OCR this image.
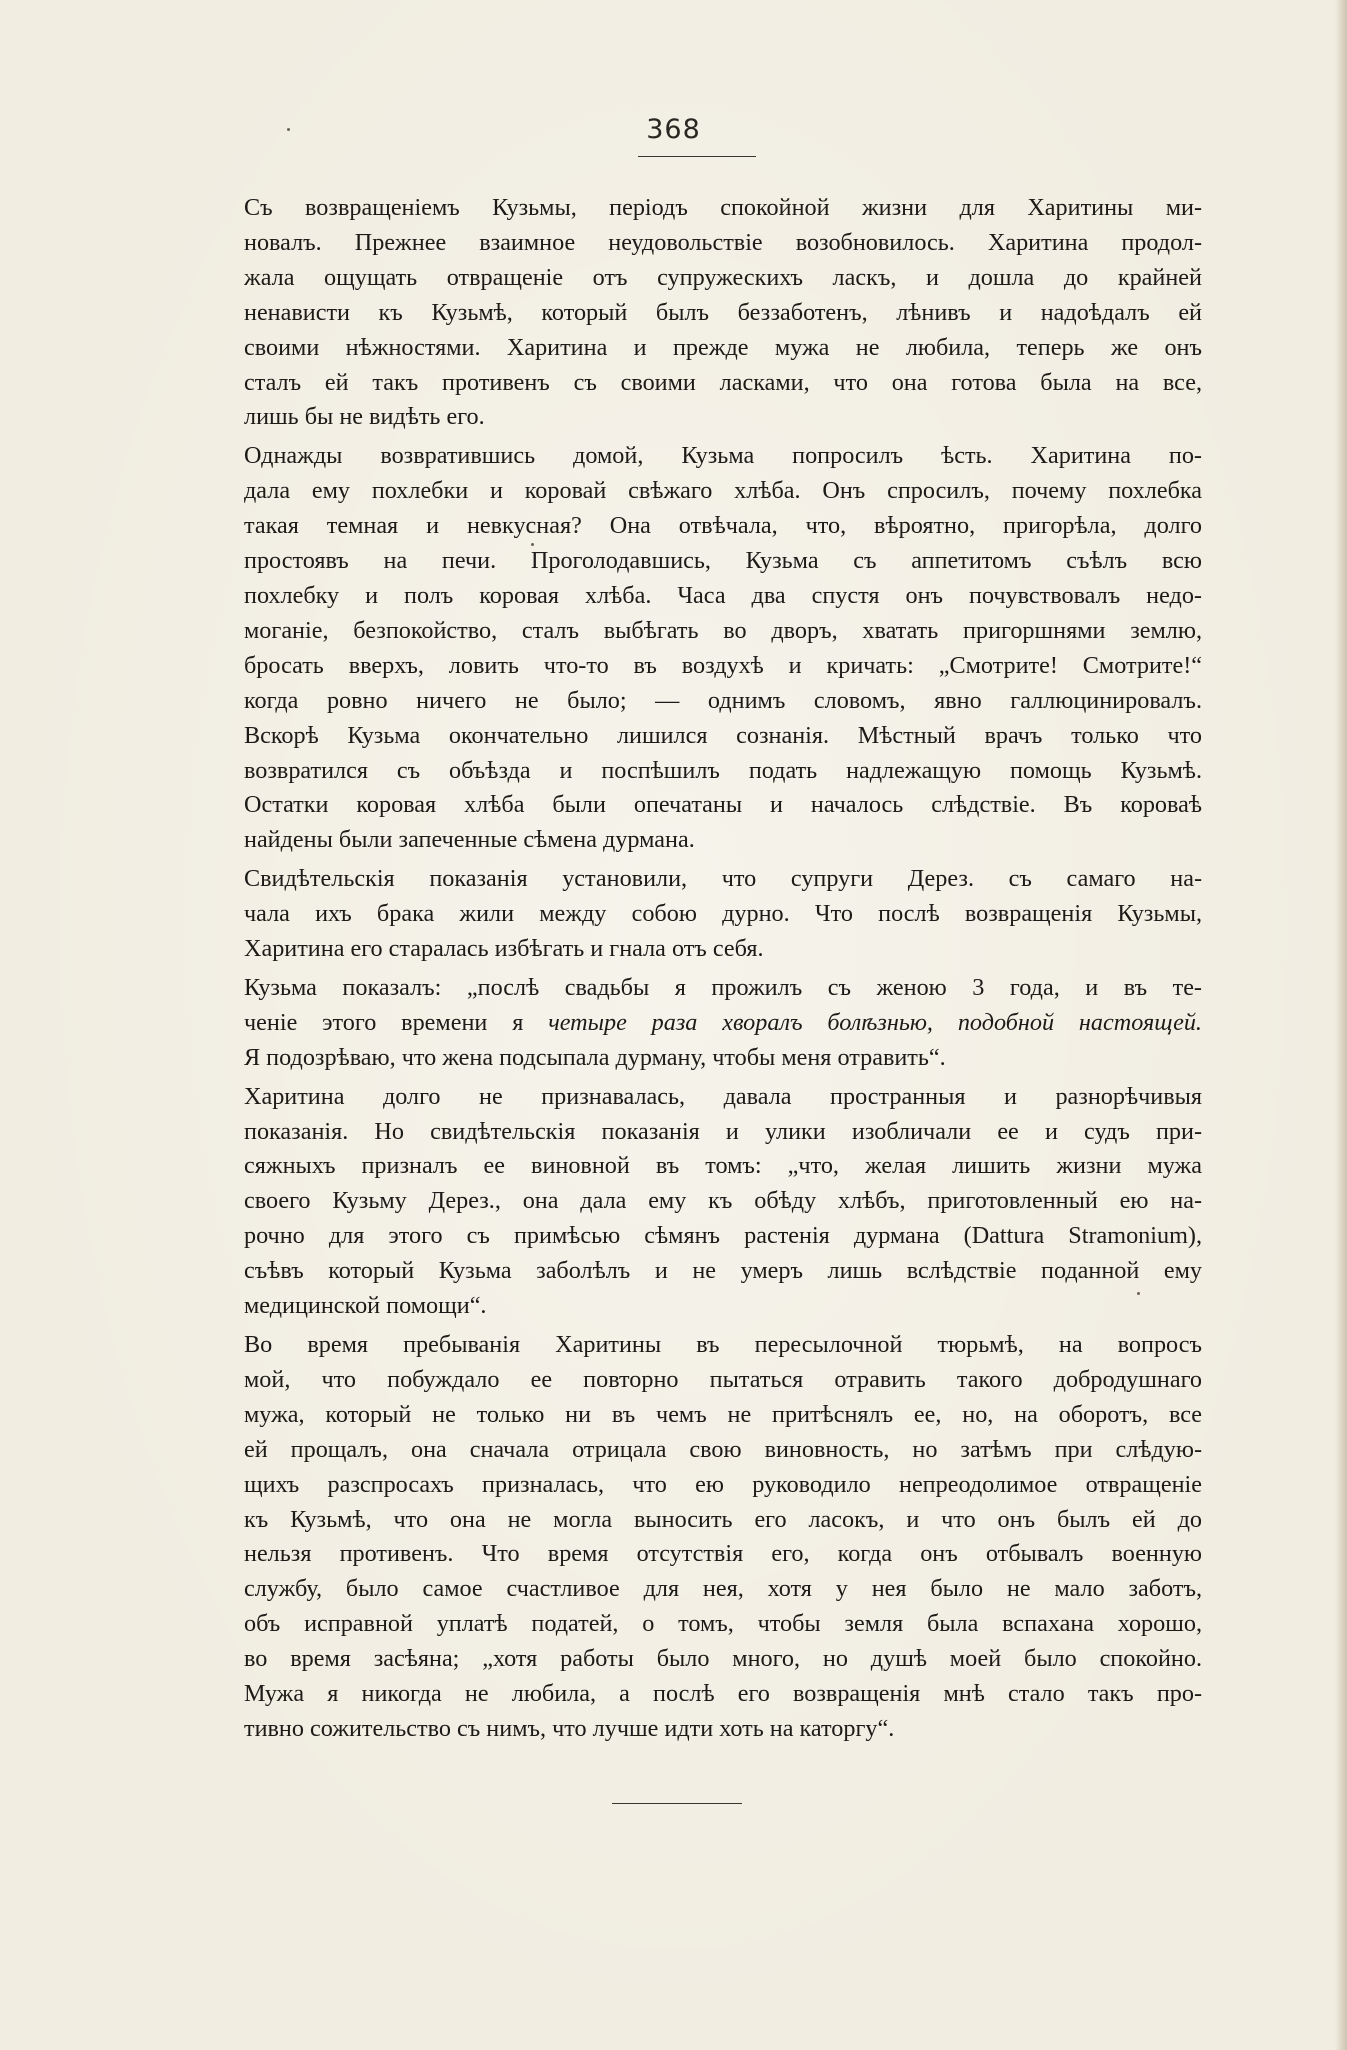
368
Съ возвращеніемъ Кузьмы, періодъ спокойной жизни для Харитины ми-
новалъ. Прежнее взаимное неудовольствіе возобновилось. Харитина продол-
жала ощущать отвращеніе отъ супружескихъ ласкъ, и дошла до крайней
ненависти къ Кузьмѣ, который былъ беззаботенъ, лѣнивъ и надоѣдалъ ей
своими нѣжностями. Харитина и прежде мужа не любила, теперь же онъ
сталъ ей такъ противенъ съ своими ласками, что она готова была на все,
лишь бы не видѣть его.
Однажды возвратившись домой, Кузьма попросилъ ѣсть. Харитина по-
дала ему похлебки и коровай свѣжаго хлѣба. Онъ спросилъ, почему похлебка
такая темная и невкусная? Она отвѣчала, что, вѣроятно, пригорѣла, долго
простоявъ на печи. Проголодавшись, Кузьма съ аппетитомъ съѣлъ всю
похлебку и полъ коровая хлѣба. Часа два спустя онъ почувствовалъ недо-
моганіе, безпокойство, сталъ выбѣгать во дворъ, хватать пригоршнями землю,
бросать вверхъ, ловить что-то въ воздухѣ и кричать: „Смотрите! Смотрите!“
когда ровно ничего не было; — однимъ словомъ, явно галлюцинировалъ.
Вскорѣ Кузьма окончательно лишился сознанія. Мѣстный врачъ только что
возвратился съ объѣзда и поспѣшилъ подать надлежащую помощь Кузьмѣ.
Остатки коровая хлѣба были опечатаны и началось слѣдствіе. Въ короваѣ
найдены были запеченные сѣмена дурмана.
Свидѣтельскія показанія установили, что супруги Дерез. съ самаго на-
чала ихъ брака жили между собою дурно. Что послѣ возвращенія Кузьмы,
Харитина его старалась избѣгать и гнала отъ себя.
Кузьма показалъ: „послѣ свадьбы я прожилъ съ женою 3 года, и въ те-
ченіе этого времени я четыре раза хворалъ болѣзнью, подобной настоящей.
Я подозрѣваю, что жена подсыпала дурману, чтобы меня отравить“.
Харитина долго не признавалась, давала пространныя и разнорѣчивыя
показанія. Но свидѣтельскія показанія и улики изобличали ее и судъ при-
сяжныхъ призналъ ее виновной въ томъ: „что, желая лишить жизни мужа
своего Кузьму Дерез., она дала ему къ обѣду хлѣбъ, приготовленный ею на-
рочно для этого съ примѣсью сѣмянъ растенія дурмана (Dattura Stramonium),
съѣвъ который Кузьма заболѣлъ и не умеръ лишь вслѣдствіе поданной ему
медицинской помощи“.
Во время пребыванія Харитины въ пересылочной тюрьмѣ, на вопросъ
мой, что побуждало ее повторно пытаться отравить такого добродушнаго
мужа, который не только ни въ чемъ не притѣснялъ ее, но, на оборотъ, все
ей прощалъ, она сначала отрицала свою виновность, но затѣмъ при слѣдую-
щихъ разспросахъ призналась, что ею руководило непреодолимое отвращеніе
къ Кузьмѣ, что она не могла выносить его ласокъ, и что онъ былъ ей до
нельзя противенъ. Что время отсутствія его, когда онъ отбывалъ военную
службу, было самое счастливое для нея, хотя у нея было не мало заботъ,
объ исправной уплатѣ податей, о томъ, чтобы земля была вспахана хорошо,
во время засѣяна; „хотя работы было много, но душѣ моей было спокойно.
Мужа я никогда не любила, а послѣ его возвращенія мнѣ стало такъ про-
тивно сожительство съ нимъ, что лучше идти хоть на каторгу“.
